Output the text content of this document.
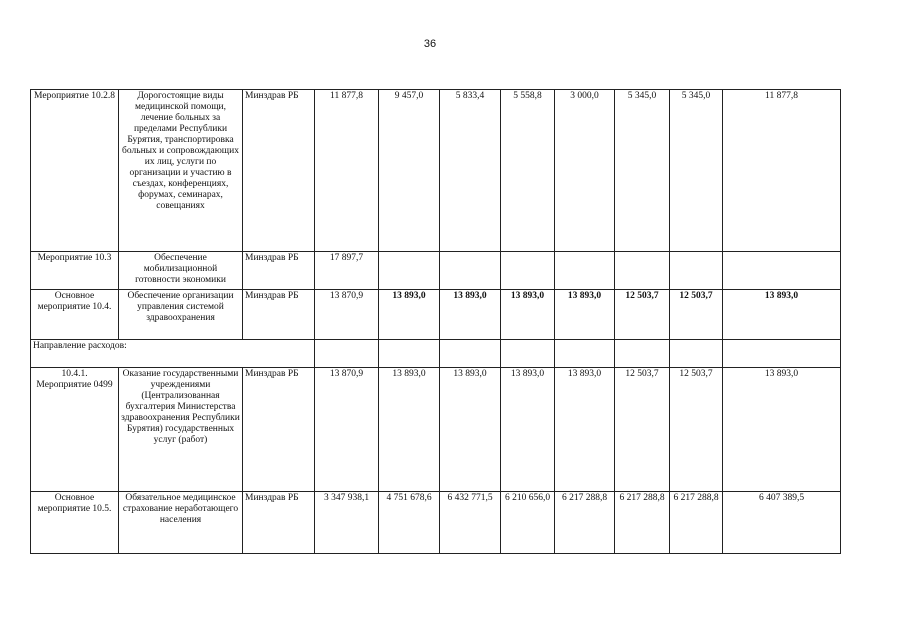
36
Мероприятие 10.2.8	Дорогостоящие виды медицинской помощи, лечение больных за пределами Республики Бурятия, транспортировка больных и сопровождающих их лиц, услуги по организации и участию в съездах, конференциях, форумах, семинарах, совещаниях	Минздрав РБ	11 877,8	9 457,0	5 833,4	5 558,8	3 000,0	5 345,0	5 345,0	11 877,8
Мероприятие 10.3	Обеспечение мобилизационной готовности экономики	Минздрав РБ	17 897,7							
Основное мероприятие 10.4.	Обеспечение организации управления системой здравоохранения	Минздрав РБ	13 870,9	13 893,0	13 893,0	13 893,0	13 893,0	12 503,7	12 503,7	13 893,0
Направление расходов:										
10.4.1. Мероприятие 0499	Оказание государственными учреждениями (Централизованная бухгалтерия Министерства здравоохранения Республики Бурятия) государственных услуг (работ)	Минздрав РБ	13 870,9	13 893,0	13 893,0	13 893,0	13 893,0	12 503,7	12 503,7	13 893,0
Основное мероприятие 10.5.	Обязательное медицинское страхование неработающего населения	Минздрав РБ	3 347 938,1	4 751 678,6	6 432 771,5	6 210 656,0	6 217 288,8	6 217 288,8	6 217 288,8	6 407 389,5
